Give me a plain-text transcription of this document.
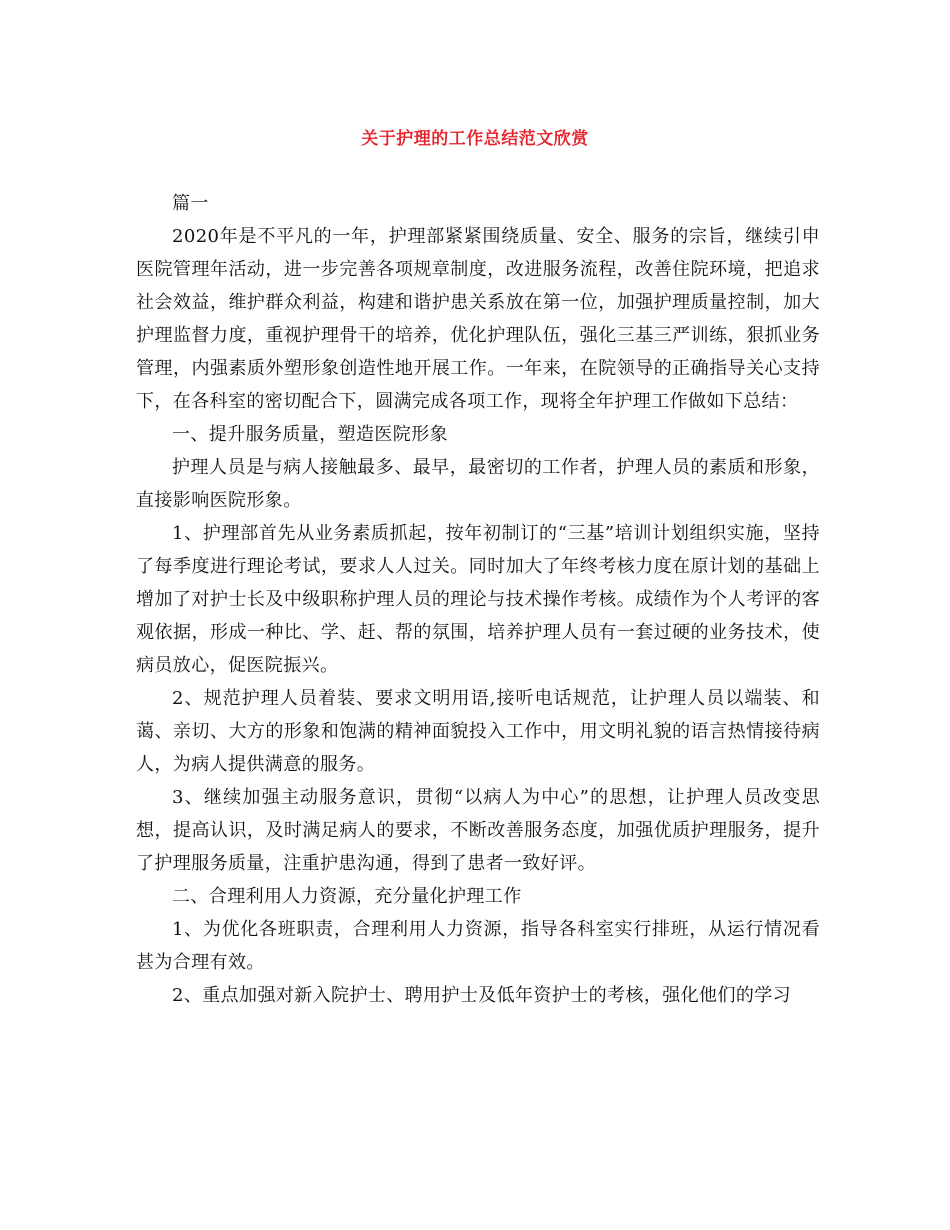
关于护理的工作总结范文欣赏

篇一

2020年是不平凡的一年，护理部紧紧围绕质量、安全、服务的宗旨，继续引申医院管理年活动，进一步完善各项规章制度，改进服务流程，改善住院环境，把追求社会效益，维护群众利益，构建和谐护患关系放在第一位，加强护理质量控制，加大护理监督力度，重视护理骨干的培养，优化护理队伍，强化三基三严训练，狠抓业务管理，内强素质外塑形象创造性地开展工作。一年来，在院领导的正确指导关心支持下，在各科室的密切配合下，圆满完成各项工作，现将全年护理工作做如下总结：

一、提升服务质量，塑造医院形象

护理人员是与病人接触最多、最早，最密切的工作者，护理人员的素质和形象，直接影响医院形象。

1、护理部首先从业务素质抓起，按年初制订的“三基”培训计划组织实施，坚持了每季度进行理论考试，要求人人过关。同时加大了年终考核力度在原计划的基础上增加了对护士长及中级职称护理人员的理论与技术操作考核。成绩作为个人考评的客观依据，形成一种比、学、赶、帮的氛围，培养护理人员有一套过硬的业务技术，使病员放心，促医院振兴。

2、规范护理人员着装、要求文明用语,接听电话规范，让护理人员以端装、和蔼、亲切、大方的形象和饱满的精神面貌投入工作中，用文明礼貌的语言热情接待病人，为病人提供满意的服务。

3、继续加强主动服务意识，贯彻“以病人为中心”的思想，让护理人员改变思想，提高认识，及时满足病人的要求，不断改善服务态度，加强优质护理服务，提升了护理服务质量，注重护患沟通，得到了患者一致好评。

二、合理利用人力资源，充分量化护理工作

1、为优化各班职责，合理利用人力资源，指导各科室实行排班，从运行情况看甚为合理有效。

2、重点加强对新入院护士、聘用护士及低年资护士的考核，强化他们的学习
